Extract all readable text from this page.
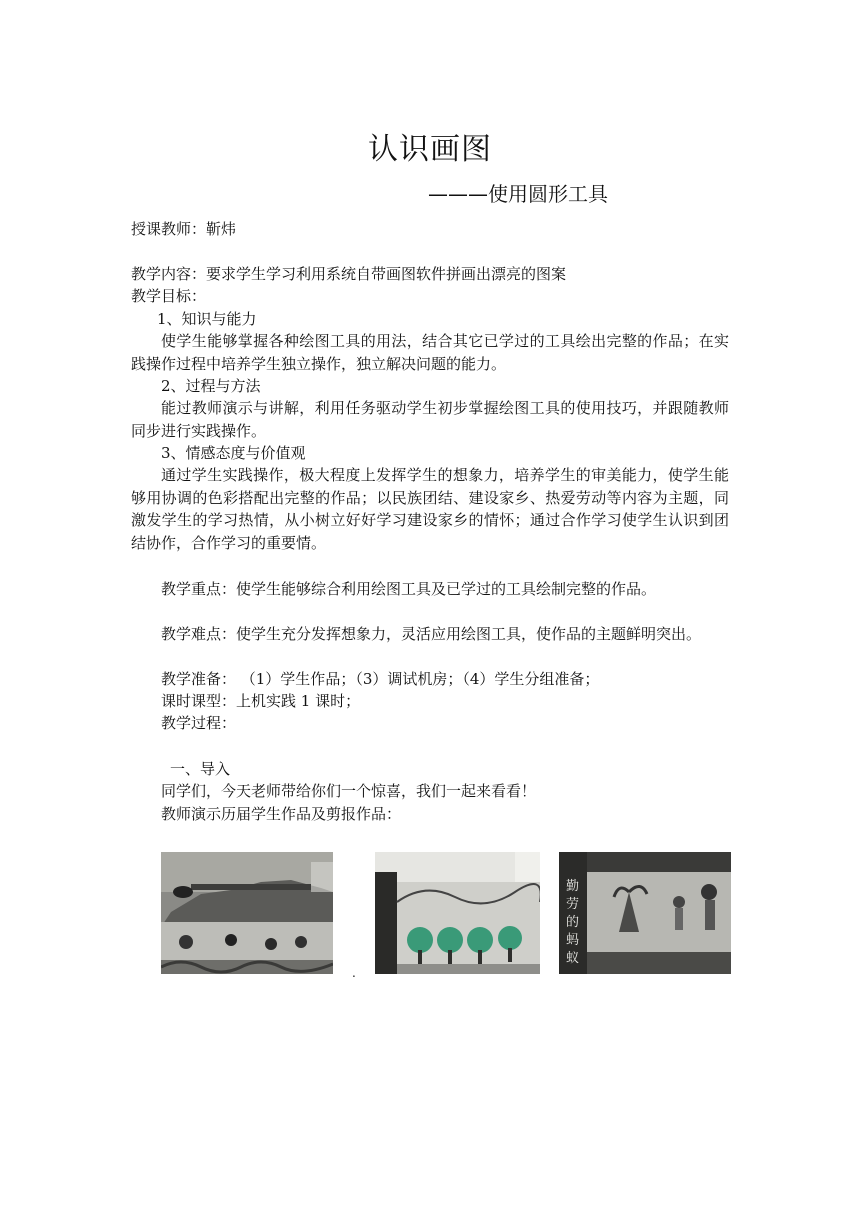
认识画图
———使用圆形工具
授课教师：靳炜
教学内容：要求学生学习利用系统自带画图软件拼画出漂亮的图案
教学目标：
1、知识与能力
使学生能够掌握各种绘图工具的用法，结合其它已学过的工具绘出完整的作品；在实践操作过程中培养学生独立操作，独立解决问题的能力。
2、过程与方法
能过教师演示与讲解，利用任务驱动学生初步掌握绘图工具的使用技巧，并跟随教师同步进行实践操作。
3、情感态度与价值观
通过学生实践操作，极大程度上发挥学生的想象力，培养学生的审美能力，使学生能够用协调的色彩搭配出完整的作品；以民族团结、建设家乡、热爱劳动等内容为主题，同激发学生的学习热情，从小树立好好学习建设家乡的情怀；通过合作学习使学生认识到团结协作，合作学习的重要情。
教学重点：使学生能够综合利用绘图工具及已学过的工具绘制完整的作品。
教学难点：使学生充分发挥想象力，灵活应用绘图工具，使作品的主题鲜明突出。
教学准备： （1）学生作品；（3）调试机房；（4）学生分组准备；
课时课型：上机实践 1 课时；
教学过程：
一、导入
同学们，今天老师带给你们一个惊喜，我们一起来看看！
教师演示历届学生作品及剪报作品：
勤
劳
的
蚂
蚁
.
